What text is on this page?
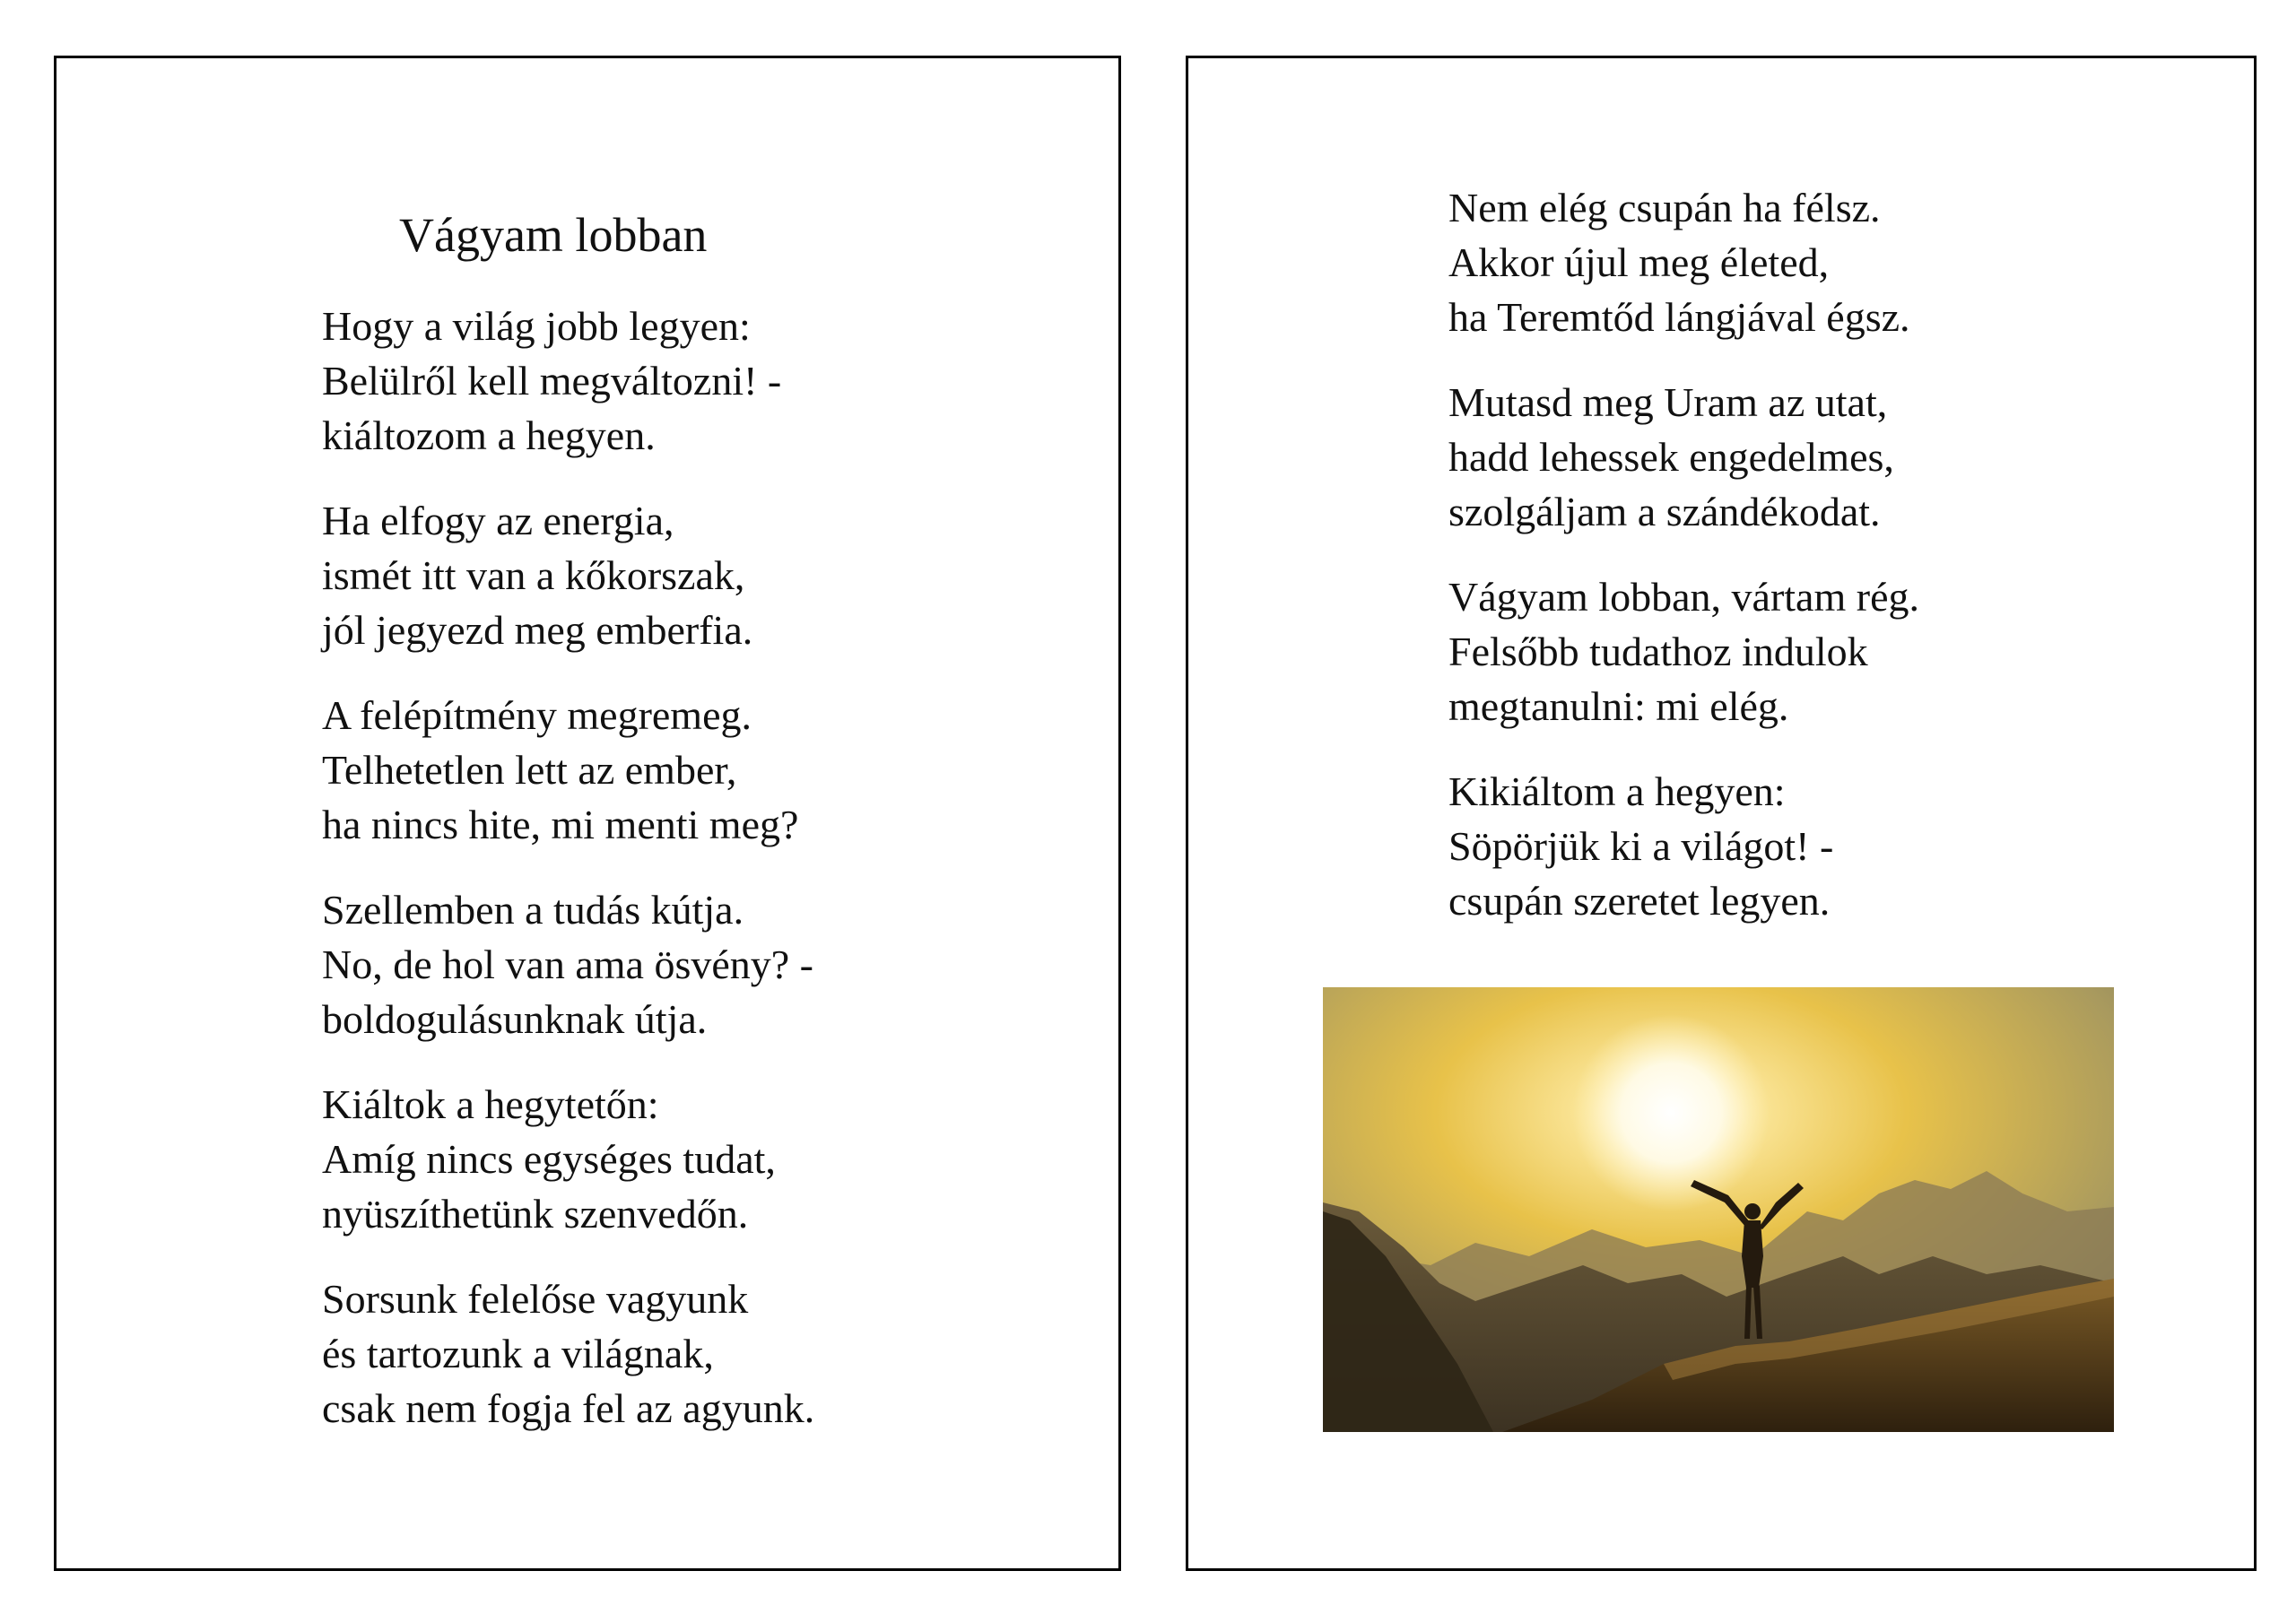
Vágyam lobban
Hogy a világ jobb legyen:
Belülről kell megváltozni! -
kiáltozom a hegyen.
Ha elfogy az energia,
ismét itt van a kőkorszak,
jól jegyezd meg emberfia.
A felépítmény megremeg.
Telhetetlen lett az ember,
ha nincs hite, mi menti meg?
Szellemben a tudás kútja.
No, de hol van ama ösvény? -
boldogulásunknak útja.
Kiáltok a hegytetőn:
Amíg nincs egységes tudat,
nyüszíthetünk szenvedőn.
Sorsunk felelőse vagyunk
és tartozunk a világnak,
csak nem fogja fel az agyunk.
Nem elég csupán ha félsz.
Akkor újul meg életed,
ha Teremtőd lángjával égsz.
Mutasd meg Uram az utat,
hadd lehessek engedelmes,
szolgáljam a szándékodat.
Vágyam lobban, vártam rég.
Felsőbb tudathoz indulok
megtanulni: mi elég.
Kikiáltom a hegyen:
Söpörjük ki a világot! -
csupán szeretet legyen.
